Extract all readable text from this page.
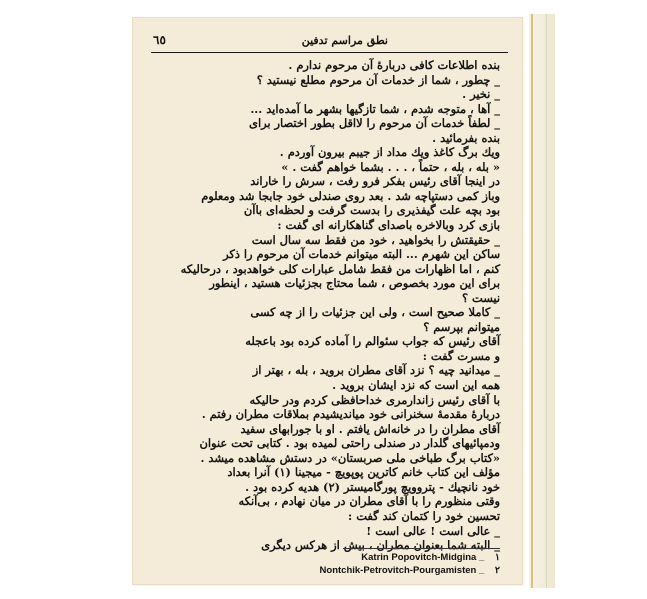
نطق مراسم تدفین
٦٥
بنده اطلاعات کافی دربارهٔ آن مرحوم ندارم .
_ چطور ، شما از خدمات آن مرحوم مطلع نیستید ؟
_ نخیر .
_ آها ، متوجه شدم ، شما تازگیها بشهر ما آمده‌اید ...
_ لطفاً خدمات آن مرحوم را لااقل بطور اختصار برای
بنده بفرمائید .
ویك برگ کاغذ ویك مداد از جیبم بیرون آوردم .
« بله ، بله ، حتماً ، . . . بشما خواهم گفت . »
در اینجا آقای رئیس بفکر فرو رفت ، سرش را خاراند
وباز کمی دستپاچه شد . بعد روی صندلی خود جابجا شد ومعلوم
بود بچه علت گیفذیری را بدست گرفت و لحظه‌ای باآن
بازی کرد وبالاخره باصدای گناهکارانه ای گفت :
_ حقیقتش را بخواهید ، خود من فقط سه سال است
ساکن این شهرم ... البته میتوانم خدمات آن مرحوم را ذکر
کنم ، اما اظهارات من فقط شامل عبارات کلی خواهدبود ، درحالیکه
برای این مورد بخصوص ، شما محتاج بجزئیات هستید ، اینطور
نیست ؟
_ کاملا صحیح است ، ولی این جزئیات را از چه کسی
میتوانم بپرسم ؟
آقای رئیس که جواب سئوالم را آماده کرده بود باعجله
و مسرت گفت :
_ میدانید چیه ؟ نزد آقای مطران بروید ، بله ، بهتر از
همه این است که نزد ایشان بروید .
با آقای رئیس زاندارمری خداحافظی کردم ودر حالیکه
دربارهٔ مقدمهٔ سخنرانی خود میاندیشیدم بملاقات مطران رفتم .
آقای مطران را در خانه‌اش یافتم . او با جورابهای سفید
ودمپائیهای گلدار در صندلی راحتی لمیده بود . کتابی تحت عنوان
«کتاب برگ طباخی ملی صربستان» در دستش مشاهده میشد .
مؤلف این کتاب خانم کاترین پوپویچ - میجینا (١) آنرا بعداد
خود نانچیك - پتروویچ پورگامیستر (٢) هدیه کرده بود .
وقتی منظورم را با آقای مطران در میان نهادم ، بی‌آنکه
تحسین خود را کتمان کند گفت :
_ عالی است ! عالی است !
_ البته شما بعنوان مطران ، بیش از هرکس دیگری
Katrin Popovitch-Midgina _ ١
Nontchik-Petrovitch-Pourgamisten _ ٢
